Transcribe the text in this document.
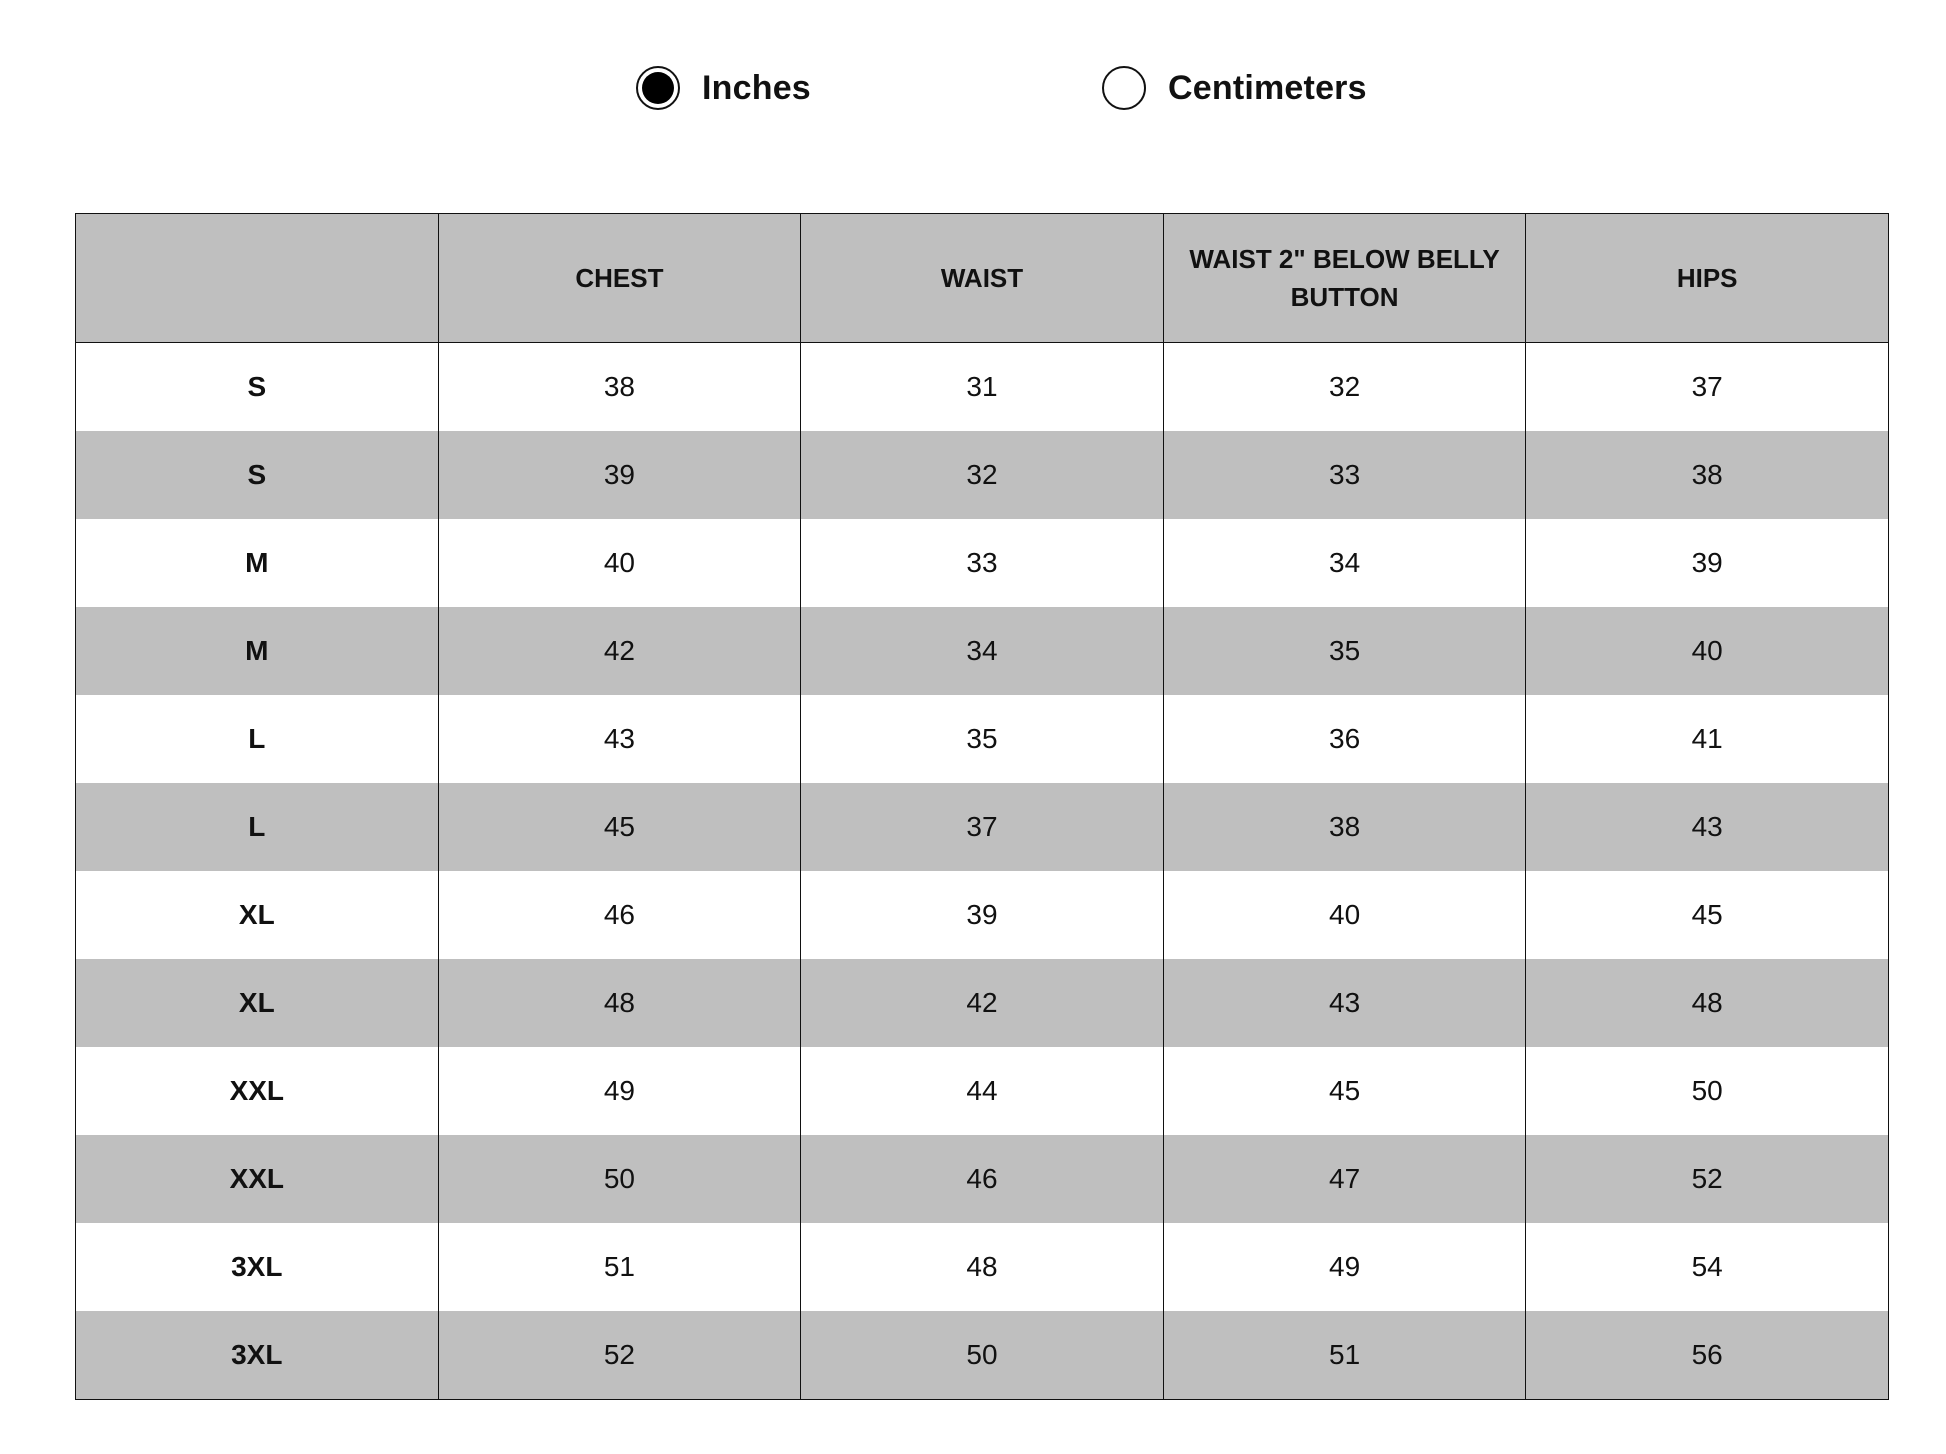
Inches	Centimeters
	CHEST	WAIST	WAIST 2" BELOW BELLY BUTTON	HIPS
S	38	31	32	37
S	39	32	33	38
M	40	33	34	39
M	42	34	35	40
L	43	35	36	41
L	45	37	38	43
XL	46	39	40	45
XL	48	42	43	48
XXL	49	44	45	50
XXL	50	46	47	52
3XL	51	48	49	54
3XL	52	50	51	56
